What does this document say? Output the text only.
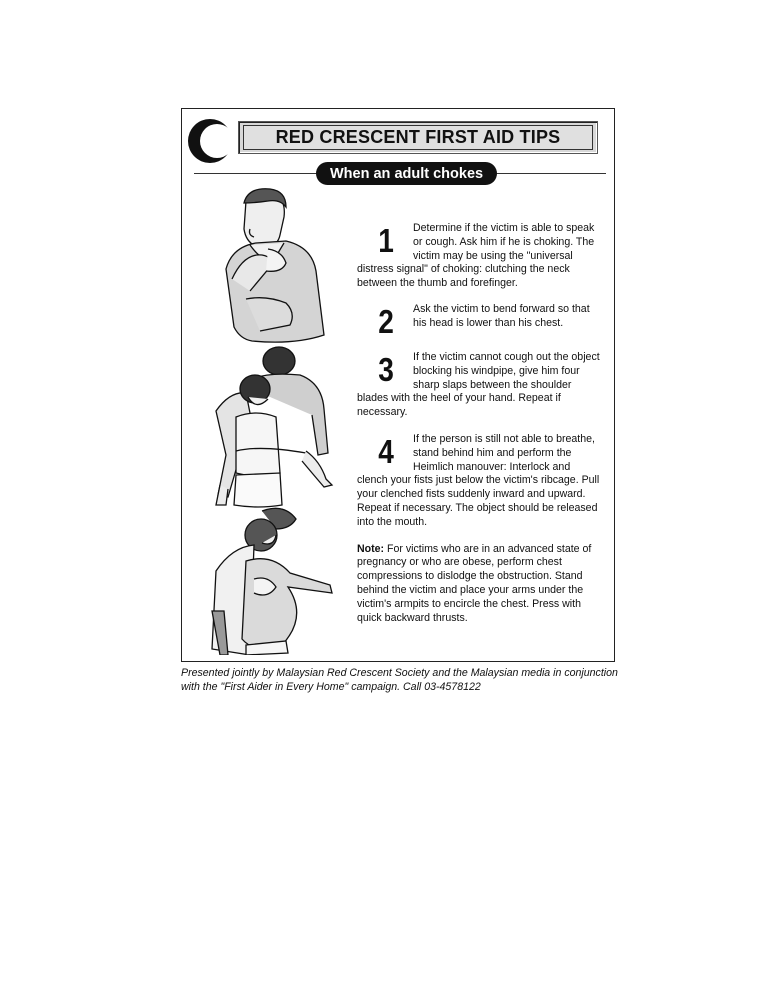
RED CRESCENT FIRST AID TIPS
When an adult chokes
1	Determine if the victim is able to speak or cough. Ask him if he is choking. The victim may be using the "universal distress signal" of choking: clutching the neck between the thumb and forefinger.

2	Ask the victim to bend forward so that his head is lower than his chest.

3	If the victim cannot cough out the object blocking his windpipe, give him four sharp slaps between the shoulder blades with the heel of your hand. Repeat if necessary.

4	If the person is still not able to breathe, stand behind him and perform the Heimlich manouver: Interlock and clench your fists just below the victim's ribcage. Pull your clenched fists suddenly inward and upward. Repeat if necessary. The object should be released into the mouth.

Note: For victims who are in an advanced state of pregnancy or who are obese, perform chest compressions to dislodge the obstruction. Stand behind the victim and place your arms under the victim's armpits to encircle the chest. Press with quick backward thrusts.

Presented jointly by Malaysian Red Crescent Society and the Malaysian media in conjunction with the "First Aider in Every Home" campaign. Call 03-4578122
